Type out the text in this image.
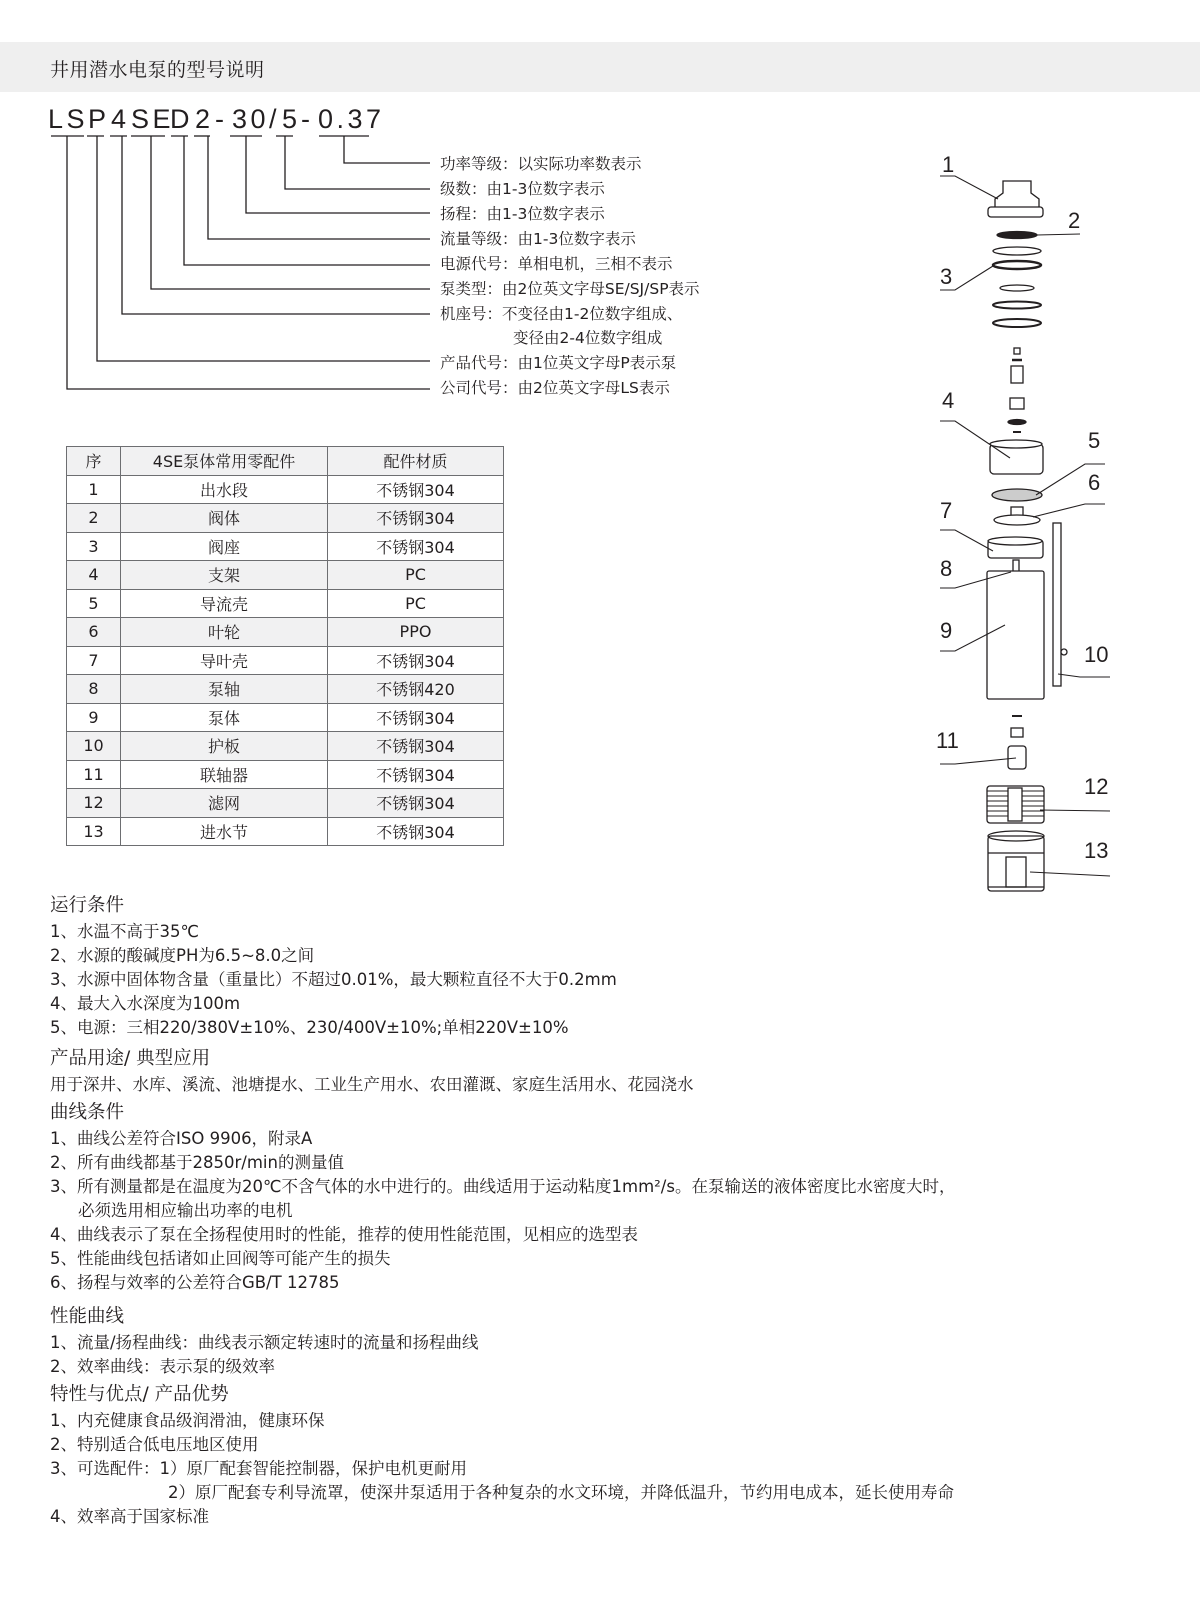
井用潜水电泵的型号说明
LS P 4 SE
D 2 - 30 / 5 - 0.37
功率等级：以实际功率数表示
级数：由1-3位数字表示
扬程：由1-3位数字表示
流量等级：由1-3位数字表示
电源代号：单相电机，三相不表示
泵类型：由2位英文字母SE/SJ/SP表示
机座号：不变径由1-2位数字组成、
变径由2-4位数字组成
产品代号：由1位英文字母P表示泵
公司代号：由2位英文字母LS表示
序	4SE泵体常用零配件	配件材质
1	出水段	不锈钢304
2	阀体	不锈钢304
3	阀座	不锈钢304
4	支架	PC
5	导流壳	PC
6	叶轮	PPO
7	导叶壳	不锈钢304
8	泵轴	不锈钢420
9	泵体	不锈钢304
10	护板	不锈钢304
11	联轴器	不锈钢304
12	滤网	不锈钢304
13	进水节	不锈钢304
1
2
3
4
5
6
7
8
9
10
11
12
13
运行条件
1、水温不高于35℃
2、水源的酸碱度PH为6.5~8.0之间
3、水源中固体物含量（重量比）不超过0.01%，最大颗粒直径不大于0.2mm
4、最大入水深度为100m
5、电源：三相220/380V±10%、230/400V±10%;单相220V±10%
产品用途/ 典型应用
用于深井、水库、溪流、池塘提水、工业生产用水、农田灌溉、家庭生活用水、花园浇水
曲线条件
1、曲线公差符合ISO 9906，附录A
2、所有曲线都基于2850r/min的测量值
3、所有测量都是在温度为20℃不含气体的水中进行的。曲线适用于运动粘度1mm²/s。在泵输送的液体密度比水密度大时，
必须选用相应输出功率的电机
4、曲线表示了泵在全扬程使用时的性能，推荐的使用性能范围，见相应的选型表
5、性能曲线包括诸如止回阀等可能产生的损失
6、扬程与效率的公差符合GB/T 12785
性能曲线
1、流量/扬程曲线：曲线表示额定转速时的流量和扬程曲线
2、效率曲线：表示泵的级效率
特性与优点/ 产品优势
1、内充健康食品级润滑油，健康环保
2、特别适合低电压地区使用
3、可选配件：1）原厂配套智能控制器，保护电机更耐用
2）原厂配套专利导流罩，使深井泵适用于各种复杂的水文环境，并降低温升，节约用电成本，延长使用寿命
4、效率高于国家标准
